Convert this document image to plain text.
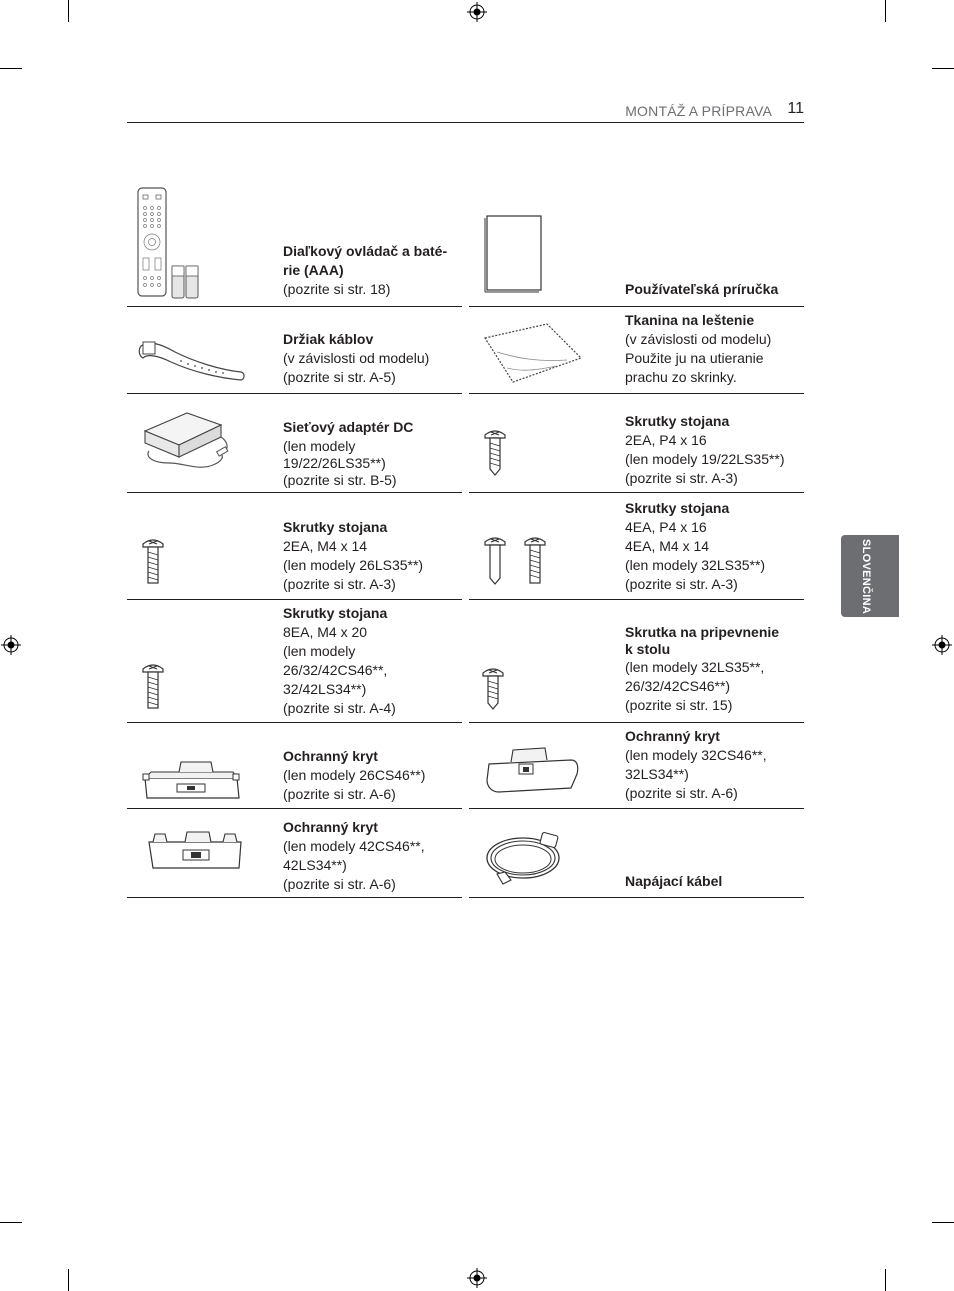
MONTÁŽ A PRÍPRAVA 11
SLOVENČINA
Diaľkový ovládač a baté-
rie (AAA)
(pozrite si str. 18)
Držiak káblov
(v závislosti od modelu)
(pozrite si str. A-5)
Sieťový adaptér DC
(len modely
19/22/26LS35**)
(pozrite si str. B-5)
Skrutky stojana
2EA, M4 x 14
(len modely 26LS35**)
(pozrite si str. A-3)
Skrutky stojana
8EA, M4 x 20
(len modely
26/32/42CS46**,
32/42LS34**)
(pozrite si str. A-4)
Ochranný kryt
(len modely 26CS46**)
(pozrite si str. A-6)
Ochranný kryt
(len modely 42CS46**,
42LS34**)
(pozrite si str. A-6)
Používateľská príručka
Tkanina na leštenie
(v závislosti od modelu)
Použite ju na utieranie
prachu zo skrinky.
Skrutky stojana
2EA, P4 x 16
(len modely 19/22LS35**)
(pozrite si str. A-3)
Skrutky stojana
4EA, P4 x 16
4EA, M4 x 14
(len modely 32LS35**)
(pozrite si str. A-3)
Skrutka na pripevnenie
k stolu
(len modely 32LS35**,
26/32/42CS46**)
(pozrite si str. 15)
Ochranný kryt
(len modely 32CS46**,
32LS34**)
(pozrite si str. A-6)
Napájací kábel
